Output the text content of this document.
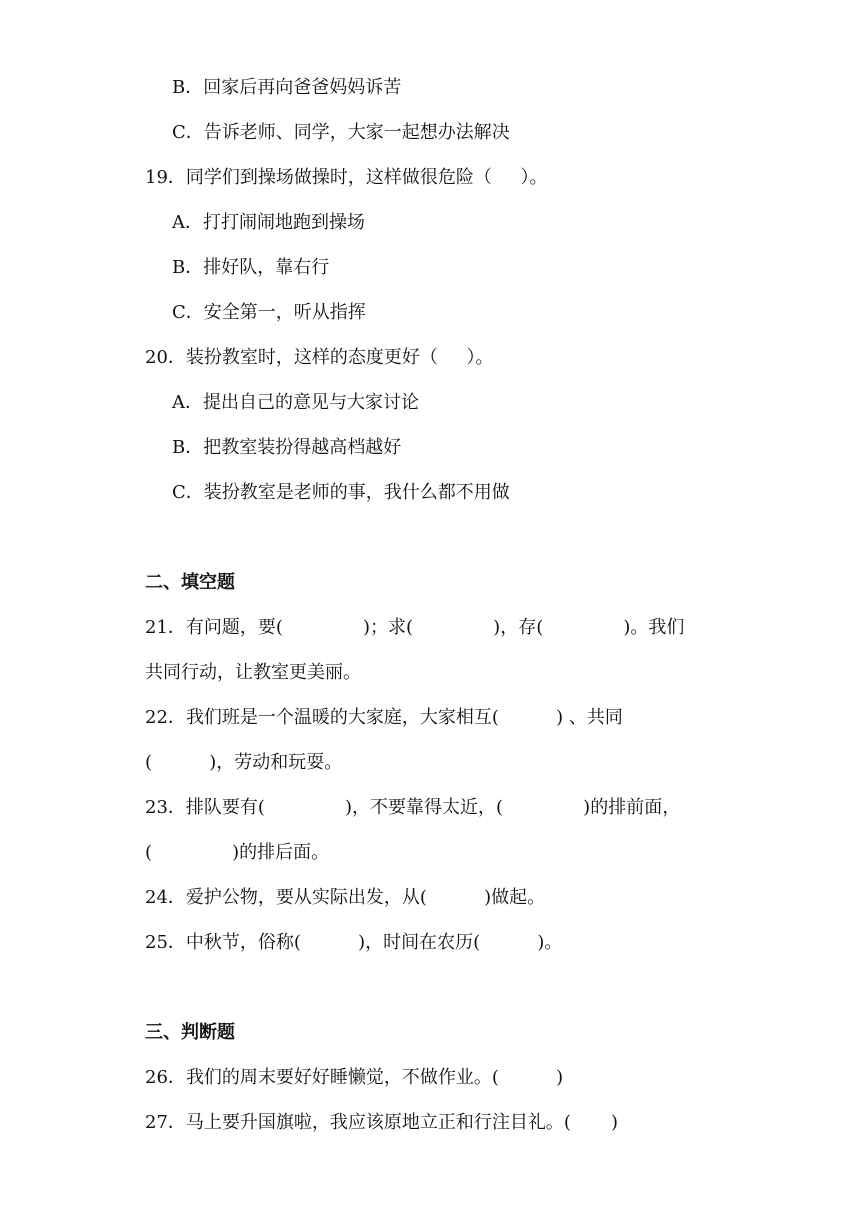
B．回家后再向爸爸妈妈诉苦
C．告诉老师、同学，大家一起想办法解决
19．同学们到操场做操时，这样做很危险（     ）。
A．打打闹闹地跑到操场
B．排好队，靠右行
C．安全第一，听从指挥
20．装扮教室时，这样的态度更好（     ）。
A．提出自己的意见与大家讨论
B．把教室装扮得越高档越好
C．装扮教室是老师的事，我什么都不用做
二、填空题
21．有问题，要(              )；求(              )，存(              )。我们
共同行动，让教室更美丽。
22．我们班是一个温暖的大家庭，大家相互(          ) 、共同
(          )，劳动和玩耍。
23．排队要有(              )，不要靠得太近，(              )的排前面，
(              )的排后面。
24．爱护公物，要从实际出发，从(          )做起。
25．中秋节，俗称(          )，时间在农历(          )。
三、判断题
26．我们的周末要好好睡懒觉，不做作业。(          )
27．马上要升国旗啦，我应该原地立正和行注目礼。(       )
